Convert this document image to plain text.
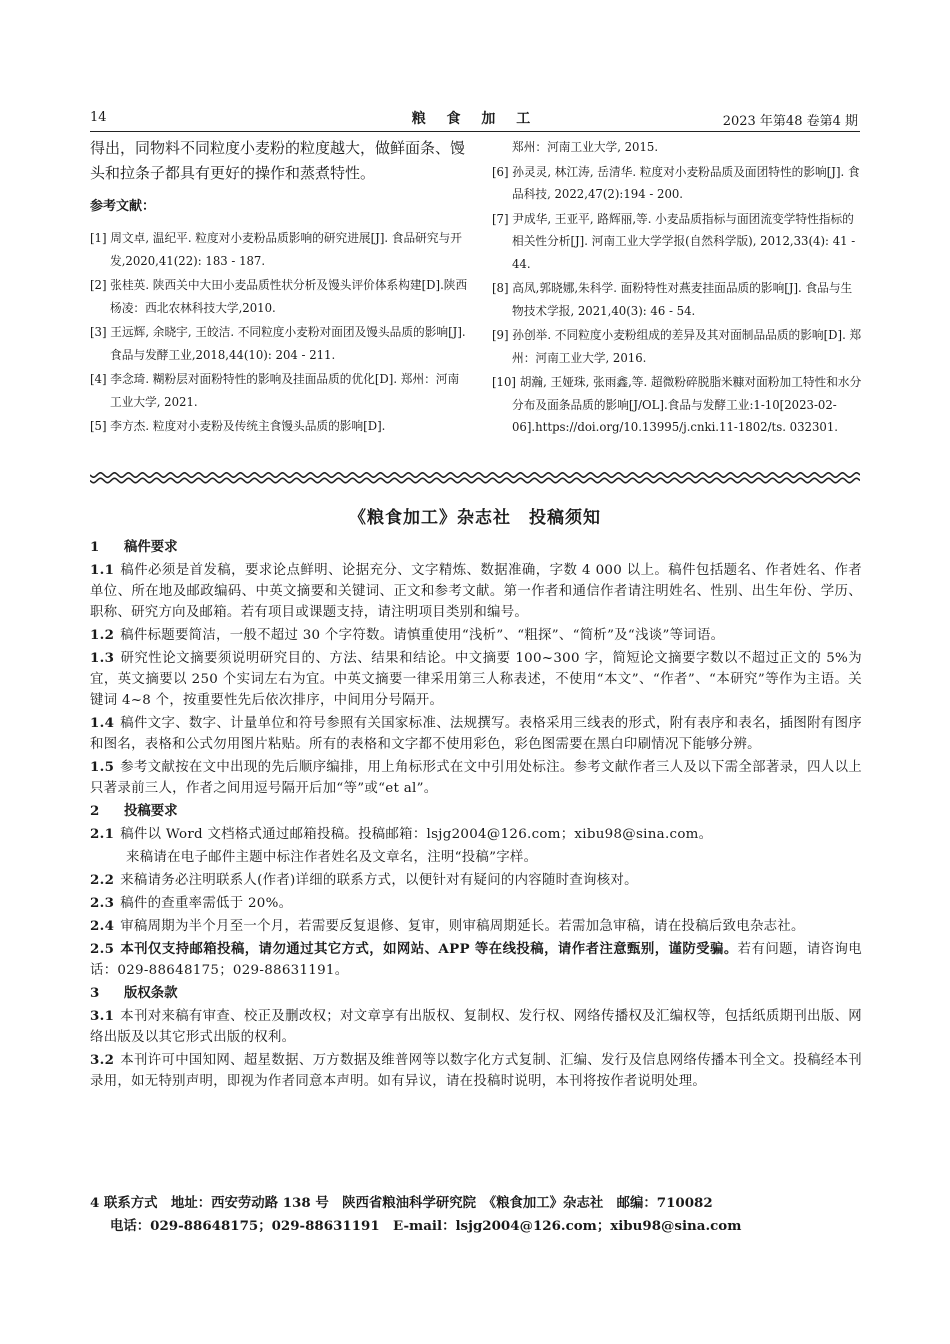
14	粮 食 加 工	2023 年第48 卷第4 期

得出，同物料不同粒度小麦粉的粒度越大，做鲜面条、馒头和拉条子都具有更好的操作和蒸煮特性。

参考文献：

[1] 周文卓, 温纪平. 粒度对小麦粉品质影响的研究进展[J]. 食品研究与开发,2020,41(22): 183 - 187.

[2] 张桂英. 陕西关中大田小麦品质性状分析及馒头评价体系构建[D].陕西 杨凌：西北农林科技大学,2010.

[3] 王远辉, 余晓宇, 王皎洁. 不同粒度小麦粉对面团及馒头品质的影响[J]. 食品与发酵工业,2018,44(10): 204 - 211.

[4] 李念琦. 糊粉层对面粉特性的影响及挂面品质的优化[D]. 郑州：河南工业大学, 2021.

[5] 李方杰. 粒度对小麦粉及传统主食馒头品质的影响[D].

郑州：河南工业大学, 2015.

[6] 孙灵灵, 林江涛, 岳清华. 粒度对小麦粉品质及面团特性的影响[J]. 食品科技, 2022,47(2):194 - 200.

[7] 尹成华, 王亚平, 路辉丽,等. 小麦品质指标与面团流变学特性指标的相关性分析[J]. 河南工业大学学报(自然科学版), 2012,33(4): 41 - 44.

[8] 高凤,郭晓娜,朱科学. 面粉特性对燕麦挂面品质的影响[J]. 食品与生物技术学报, 2021,40(3): 46 - 54.

[9] 孙创举. 不同粒度小麦粉组成的差异及其对面制品品质的影响[D]. 郑州：河南工业大学, 2016.

[10] 胡瀚, 王娅珠, 张雨鑫,等. 超微粉碎脱脂米糠对面粉加工特性和水分分布及面条品质的影响[J/OL].食品与发酵工业:1-10[2023-02-06].https://doi.org/10.13995/j.cnki.11-1802/ts. 032301.

《粮食加工》杂志社　投稿须知
1 稿件要求

1.1 稿件必须是首发稿，要求论点鲜明、论据充分、文字精炼、数据准确，字数 4 000 以上。稿件包括题名、作者姓名、作者单位、所在地及邮政编码、中英文摘要和关键词、正文和参考文献。第一作者和通信作者请注明姓名、性别、出生年份、学历、职称、研究方向及邮箱。若有项目或课题支持，请注明项目类别和编号。

1.2 稿件标题要简洁，一般不超过 30 个字符数。请慎重使用“浅析”、“粗探”、“简析”及“浅谈”等词语。

1.3 研究性论文摘要须说明研究目的、方法、结果和结论。中文摘要 100~300 字，简短论文摘要字数以不超过正文的 5%为宜，英文摘要以 250 个实词左右为宜。中英文摘要一律采用第三人称表述，不使用“本文”、“作者”、“本研究”等作为主语。关键词 4~8 个，按重要性先后依次排序，中间用分号隔开。

1.4 稿件文字、数字、计量单位和符号参照有关国家标准、法规撰写。表格采用三线表的形式，附有表序和表名，插图附有图序和图名，表格和公式勿用图片粘贴。所有的表格和文字都不使用彩色，彩色图需要在黑白印刷情况下能够分辨。

1.5 参考文献按在文中出现的先后顺序编排，用上角标形式在文中引用处标注。参考文献作者三人及以下需全部著录，四人以上只著录前三人，作者之间用逗号隔开后加“等”或“et al”。

2 投稿要求

2.1 稿件以 Word 文档格式通过邮箱投稿。投稿邮箱：lsjg2004@126.com；xibu98@sina.com。

来稿请在电子邮件主题中标注作者姓名及文章名，注明“投稿”字样。

2.2 来稿请务必注明联系人(作者)详细的联系方式，以便针对有疑问的内容随时查询核对。

2.3 稿件的查重率需低于 20%。

2.4 审稿周期为半个月至一个月，若需要反复退修、复审，则审稿周期延长。若需加急审稿，请在投稿后致电杂志社。

2.5 本刊仅支持邮箱投稿，请勿通过其它方式，如网站、APP 等在线投稿，请作者注意甄别，谨防受骗。若有问题，请咨询电话：029-88648175；029-88631191。

3 版权条款

3.1 本刊对来稿有审查、校正及删改权；对文章享有出版权、复制权、发行权、网络传播权及汇编权等，包括纸质期刊出版、网络出版及以其它形式出版的权利。

3.2 本刊许可中国知网、超星数据、万方数据及维普网等以数字化方式复制、汇编、发行及信息网络传播本刊全文。投稿经本刊录用，如无特别声明，即视为作者同意本声明。如有异议，请在投稿时说明，本刊将按作者说明处理。

4 联系方式　地址：西安劳动路 138 号　陕西省粮油科学研究院　《粮食加工》杂志社　邮编：710082
电话：029-88648175；029-88631191　E-mail：lsjg2004@126.com；xibu98@sina.com
